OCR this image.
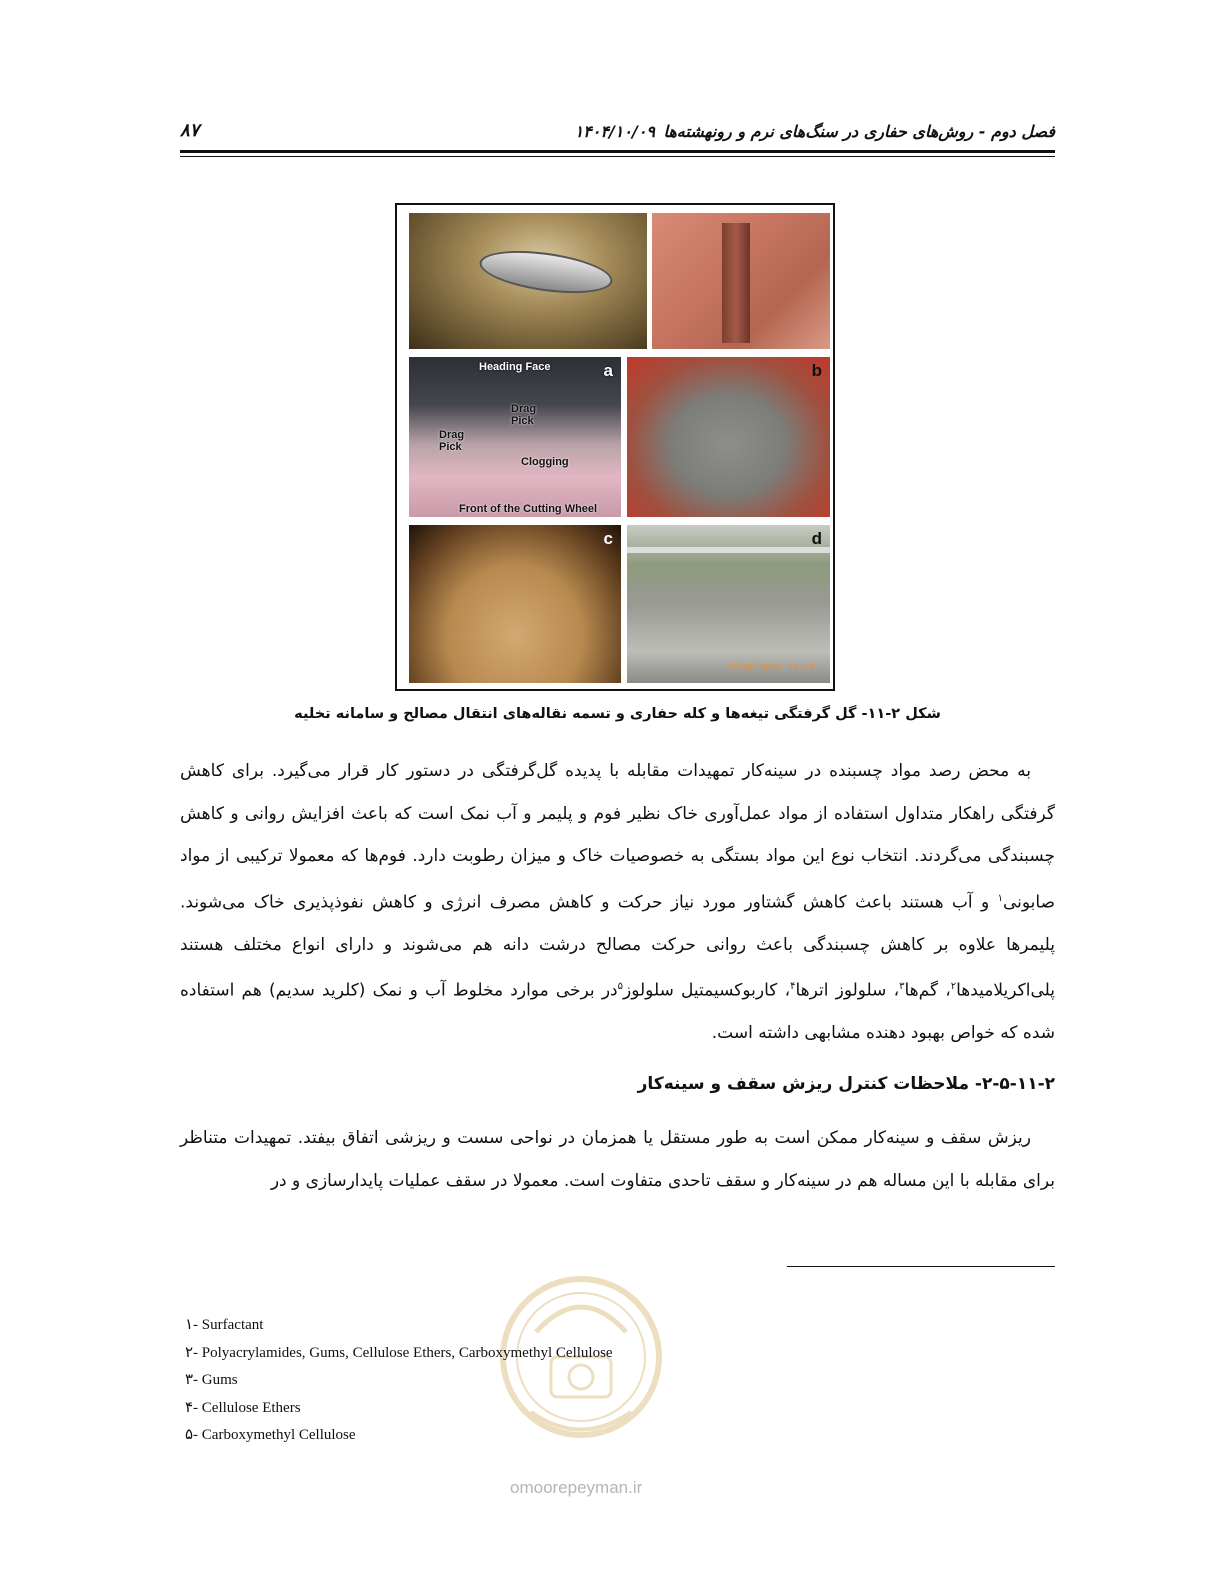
فصل دوم - روش‌های حفاری در سنگ‌های نرم و رونهشته‌ها
۱۴۰۴/۱۰/۰۹
۸۷
a
Heading Face
Drag Pick
Drag Pick
Clogging
Front of the Cutting Wheel
b
c	d
13/06/2008 13:28
شکل ۲-۱۱- گل گرفتگی تیغه‌ها و کله حفاری و تسمه نقاله‌های انتقال مصالح و سامانه تخلیه
به محض رصد مواد چسبنده در سینه‌کار تمهیدات مقابله با پدیده گل‌گرفتگی در دستور کار قرار می‌گیرد. برای کاهش گرفتگی راهکار متداول استفاده از مواد عمل‌آوری خاک نظیر فوم و پلیمر و آب نمک است که باعث افزایش روانی و کاهش چسبندگی می‌گردند. انتخاب نوع این مواد بستگی به خصوصیات خاک و میزان رطوبت دارد. فوم‌ها که معمولا ترکیبی از مواد صابونی$^۱$ و آب هستند باعث کاهش گشتاور مورد نیاز حرکت و کاهش مصرف انرژی و کاهش نفوذپذیری خاک می‌شوند. پلیمرها علاوه بر کاهش چسبندگی باعث روانی حرکت مصالح درشت دانه هم می‌شوند و دارای انواع مختلف هستند پلی‌اکریلامیدها$^۲$، گم‌ها$^۳$، سلولوز اترها$^۴$، کاربوکسیمتیل سلولوز$^۵$در برخی موارد مخلوط آب و نمک (کلرید سدیم) هم استفاده شده که خواص بهبود دهنده مشابهی داشته است.
۲-۵-۱۱-۲- ملاحظات کنترل ریزش سقف و سینه‌کار
ریزش سقف و سینه‌کار ممکن است به طور مستقل یا همزمان در نواحی سست و ریزشی اتفاق بیفتد. تمهیدات متناظر برای مقابله با این مساله هم در سینه‌کار و سقف تاحدی متفاوت است. معمولا در سقف عملیات پایدارسازی و در
omoorepeyman.ir
۱- Surfactant
۲- Polyacrylamides, Gums, Cellulose Ethers, Carboxymethyl Cellulose
۳- Gums
۴- Cellulose Ethers
۵- Carboxymethyl Cellulose
